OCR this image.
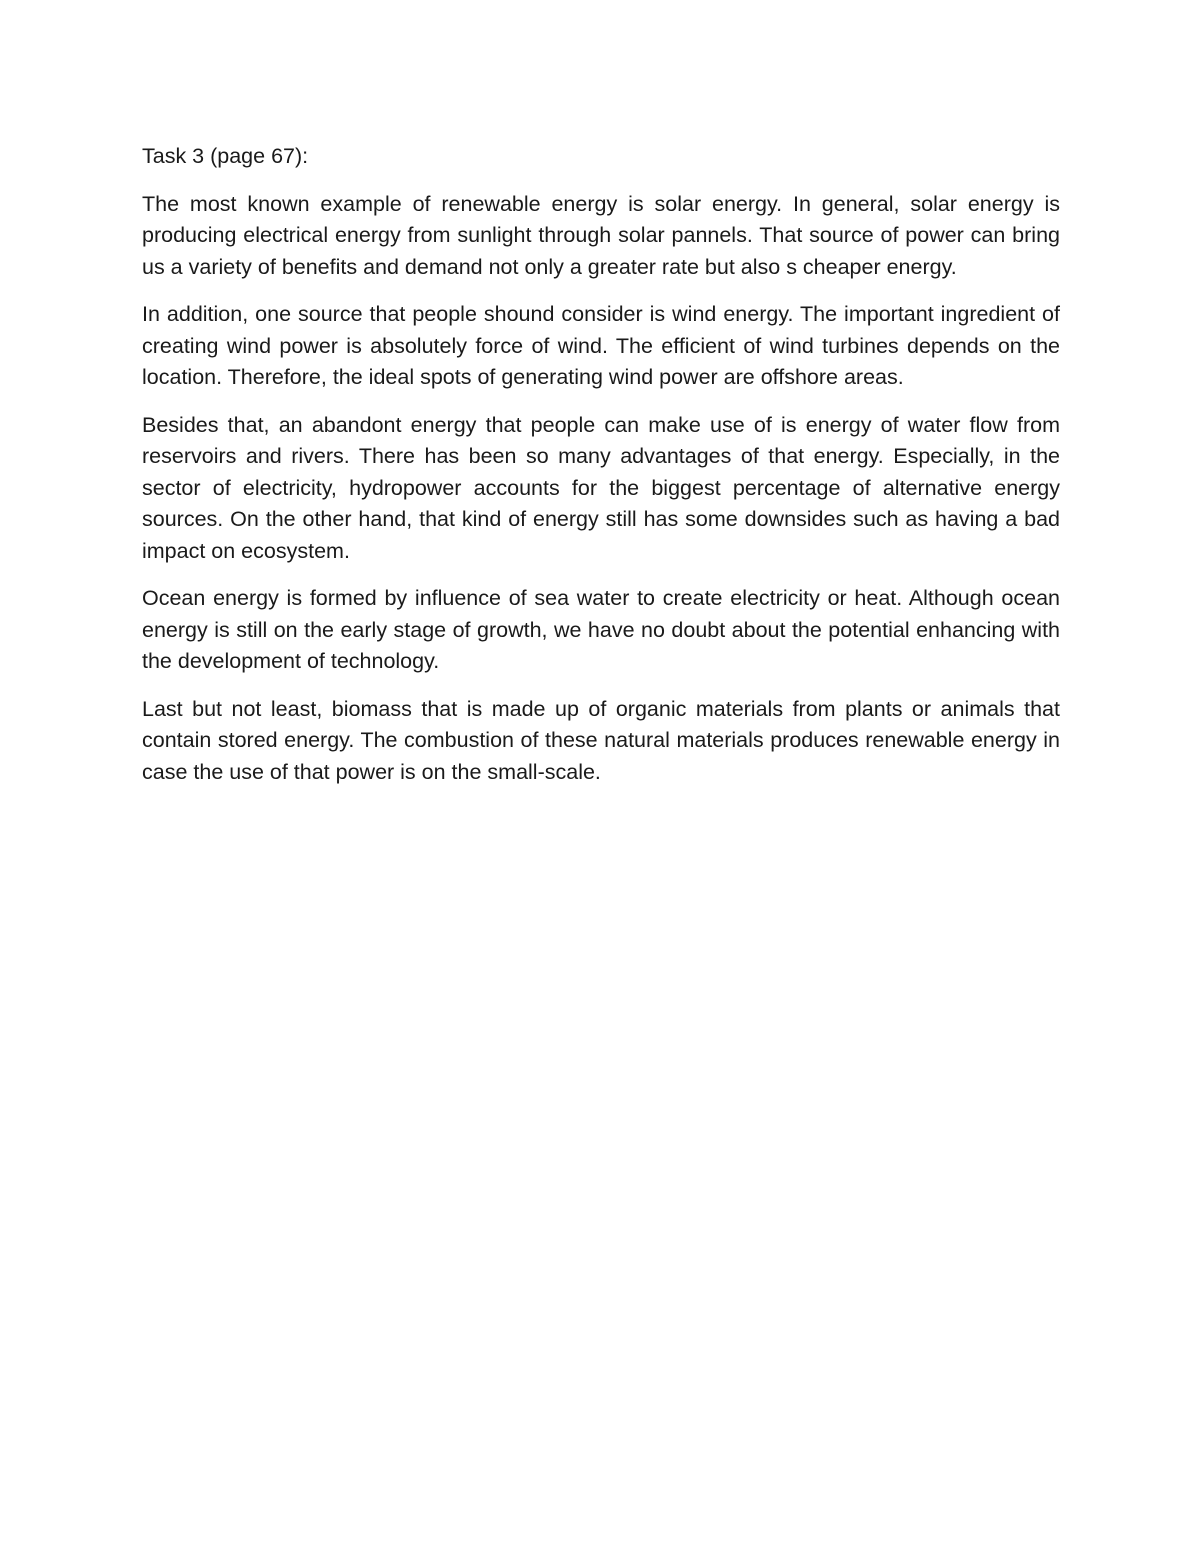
Task 3 (page 67):

The most known example of renewable energy is solar energy. In general, solar energy is producing electrical energy from sunlight through solar pannels. That source of power can bring us a variety of benefits and demand not only a greater rate but also s cheaper energy.

In addition, one source that people shound consider is wind energy. The important ingredient of creating wind power is absolutely force of wind. The efficient of wind turbines depends on the location. Therefore, the ideal spots of generating wind power are offshore areas.

Besides that, an abandont energy that people can make use of is energy of water flow from reservoirs and rivers. There has been so many advantages of that energy. Especially, in the sector of electricity, hydropower accounts for the biggest percentage of alternative energy sources. On the other hand, that kind of energy still has some downsides such as having a bad impact on ecosystem.

Ocean energy is formed by influence of sea water to create electricity or heat. Although ocean energy is still on the early stage of growth, we have no doubt about the potential enhancing with the development of technology.

Last but not least, biomass that is made up of organic materials from plants or animals that contain stored energy. The combustion of these natural materials produces renewable energy in case the use of that power is on the small-scale.
